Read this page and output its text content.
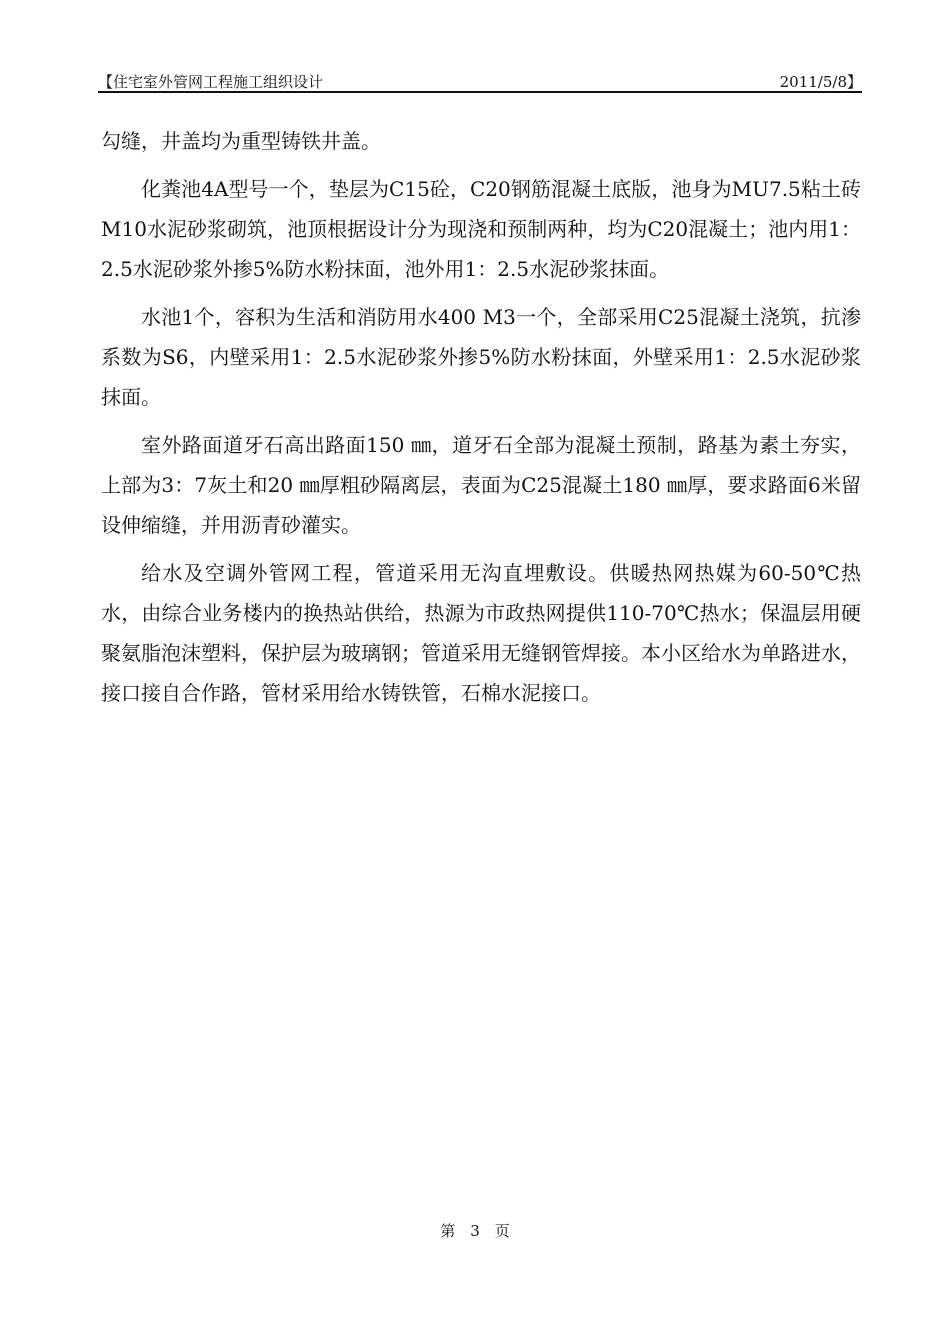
【住宅室外管网工程施工组织设计	2011/5/8】

勾缝，井盖均为重型铸铁井盖。

化粪池4A型号一个，垫层为C15砼，C20钢筋混凝土底版，池身为MU7.5粘土砖M10水泥砂浆砌筑，池顶根据设计分为现浇和预制两种，均为C20混凝土；池内用1：2.5水泥砂浆外掺5%防水粉抹面，池外用1：2.5水泥砂浆抹面。

水池1个，容积为生活和消防用水400 M3一个，全部采用C25混凝土浇筑，抗渗系数为S6，内壁采用1：2.5水泥砂浆外掺5%防水粉抹面，外壁采用1：2.5水泥砂浆抹面。

室外路面道牙石高出路面150 ㎜，道牙石全部为混凝土预制，路基为素土夯实，上部为3：7灰土和20 ㎜厚粗砂隔离层，表面为C25混凝土180 ㎜厚，要求路面6米留设伸缩缝，并用沥青砂灌实。

给水及空调外管网工程，管道采用无沟直埋敷设。供暖热网热媒为60-50℃热水，由综合业务楼内的换热站供给，热源为市政热网提供110-70℃热水；保温层用硬聚氨脂泡沫塑料，保护层为玻璃钢；管道采用无缝钢管焊接。本小区给水为单路进水，接口接自合作路，管材采用给水铸铁管，石棉水泥接口。

第　3　页
